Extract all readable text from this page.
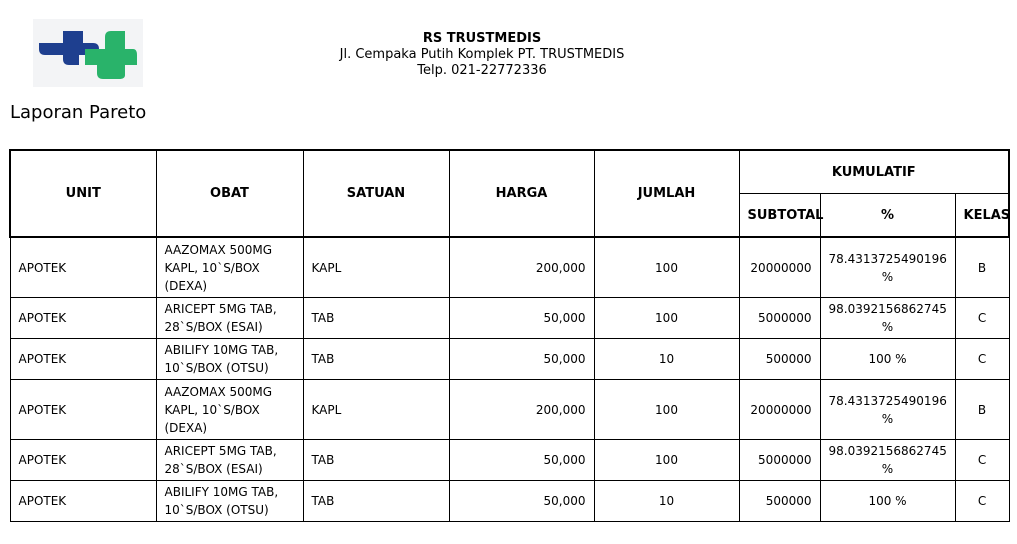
RS TRUSTMEDIS
Jl. Cempaka Putih Komplek PT. TRUSTMEDIS
Telp. 021-22772336
Laporan Pareto
UNIT	OBAT	SATUAN	HARGA	JUMLAH	KUMULATIF		
					SUBTOTAL	%	KELAS
APOTEK	AAZOMAX 500MG KAPL, 10`S/BOX (DEXA)	KAPL	200,000	100	20000000	78.4313725490196 %	B
APOTEK	ARICEPT 5MG TAB, 28`S/BOX (ESAI)	TAB	50,000	100	5000000	98.0392156862745 %	C
APOTEK	ABILIFY 10MG TAB, 10`S/BOX (OTSU)	TAB	50,000	10	500000	100 %	C
APOTEK	AAZOMAX 500MG KAPL, 10`S/BOX (DEXA)	KAPL	200,000	100	20000000	78.4313725490196 %	B
APOTEK	ARICEPT 5MG TAB, 28`S/BOX (ESAI)	TAB	50,000	100	5000000	98.0392156862745 %	C
APOTEK	ABILIFY 10MG TAB, 10`S/BOX (OTSU)	TAB	50,000	10	500000	100 %	C
